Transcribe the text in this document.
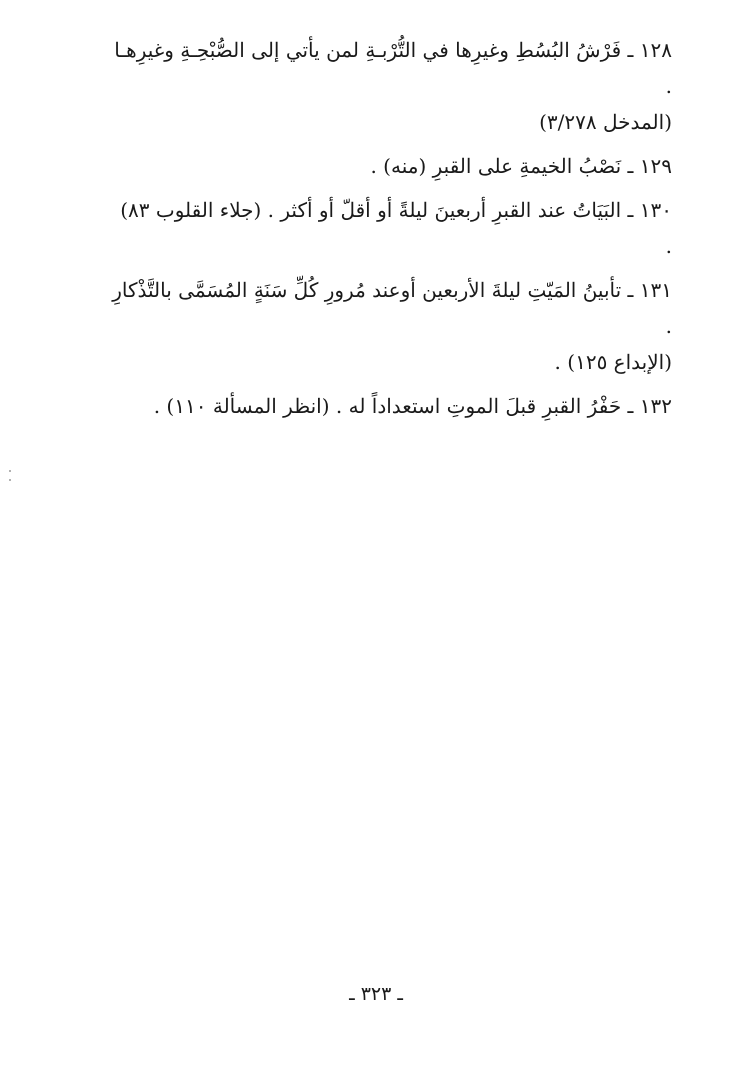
١٢٨ ـ فَرْشُ البُسُطِ وغيرِها في التُّرْبـةِ لمن يأتي إلى الصُّبْحِـةِ وغيرِهـا .

(المدخل ٣/٢٧٨)

١٢٩ ـ نَصْبُ الخيمةِ على القبرِ (منه) .

١٣٠ ـ البَيَاتُ عند القبرِ أربعينَ ليلةً أو أقلّ أو أكثر . (جلاء القلوب ٨٣) .

١٣١ ـ تأبينُ المَيّتِ ليلةَ الأربعين أوعند مُرورِ كُلِّ سَنَةٍ المُسَمَّى بالتَّذْكارِ .

(الإبداع ١٢٥) .

١٣٢ ـ حَفْرُ القبرِ قبلَ الموتِ استعداداً له . (انظر المسألة ١١٠) .

ـ ٣٢٣ ـ
